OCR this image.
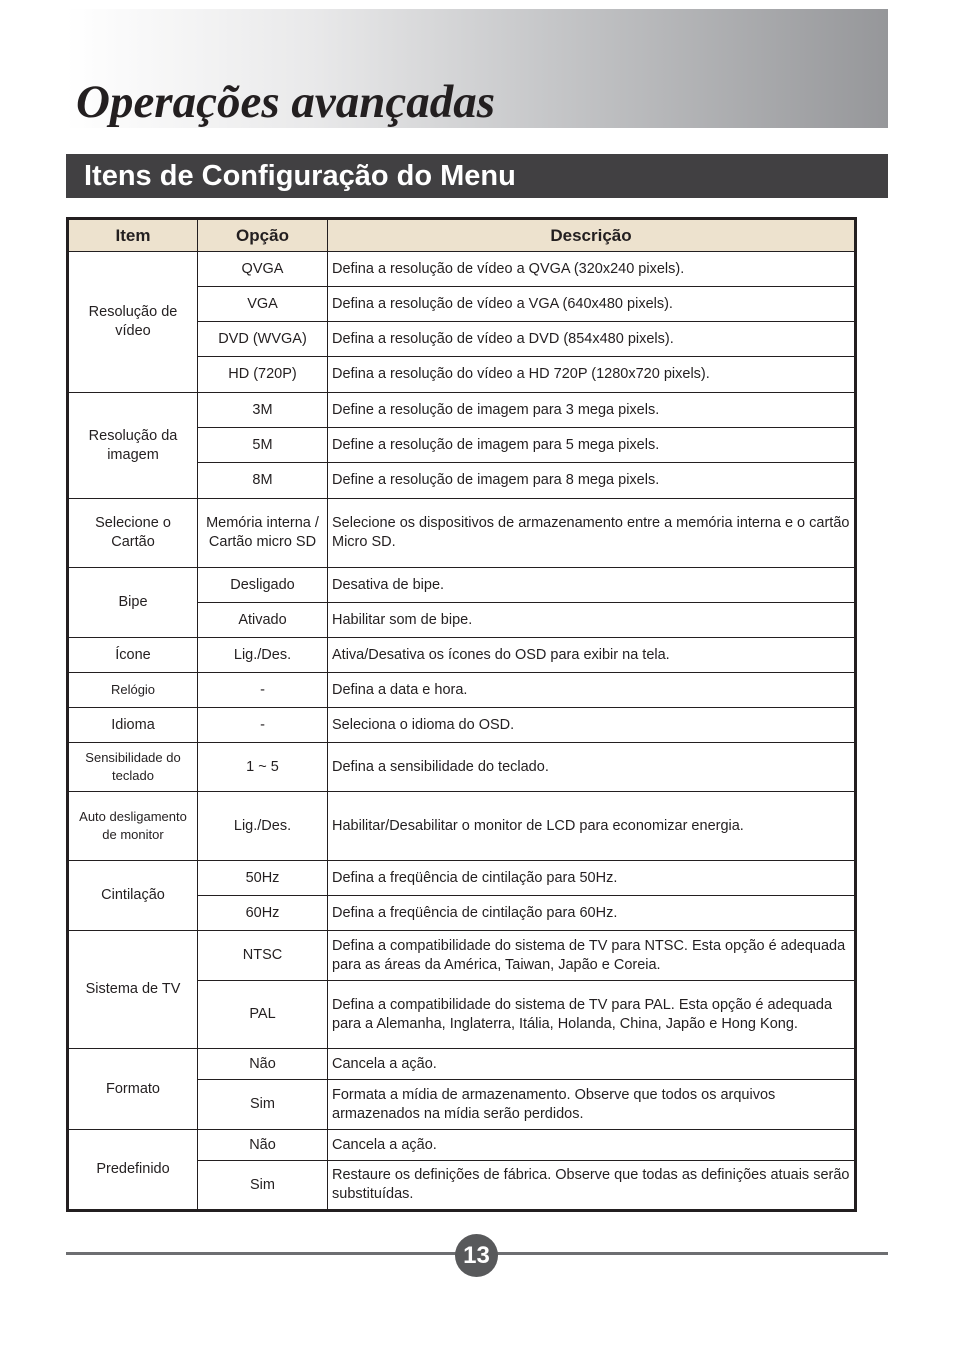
Operações avançadas
Itens de Configuração do Menu
Item	Opção	Descrição
Resolução de vídeo	QVGA	Defina a resolução de vídeo a QVGA (320x240 pixels).
	VGA	Defina a resolução de vídeo a VGA (640x480 pixels).
	DVD (WVGA)	Defina a resolução de vídeo a DVD (854x480 pixels).
	HD (720P)	Defina a resolução do vídeo a HD 720P (1280x720 pixels).
Resolução da imagem	3M	Define a resolução de imagem para 3 mega pixels.
	5M	Define a resolução de imagem para 5 mega pixels.
	8M	Define a resolução de imagem para 8 mega pixels.
Selecione o Cartão	Memória interna / Cartão micro SD	Selecione os dispositivos de armazenamento entre a memória interna e o cartão Micro SD.
Bipe	Desligado	Desativa de bipe.
	Ativado	Habilitar som de bipe.
Ícone	Lig./Des.	Ativa/Desativa os ícones do OSD para exibir na tela.
Relógio	-	Defina a data e hora.
Idioma	-	Seleciona o idioma do OSD.
Sensibilidade do teclado	1 ~ 5	Defina a sensibilidade do teclado.
Auto desligamento de monitor	Lig./Des.	Habilitar/Desabilitar o monitor de LCD para economizar energia.
Cintilação	50Hz	Defina a freqüência de cintilação para 50Hz.
	60Hz	Defina a freqüência de cintilação para 60Hz.
Sistema de TV	NTSC	Defina a compatibilidade do sistema de TV para NTSC. Esta opção é adequada para as áreas da América, Taiwan, Japão e Coreia.
	PAL	Defina a compatibilidade do sistema de TV para PAL. Esta opção é adequada para a Alemanha, Inglaterra, Itália, Holanda, China, Japão e Hong Kong.
Formato	Não	Cancela a ação.
	Sim	Formata a mídia de armazenamento. Observe que todos os arquivos armazenados na mídia serão perdidos.
Predefinido	Não	Cancela a ação.
	Sim	Restaure os definições de fábrica. Observe que todas as definições atuais serão substituídas.
13
